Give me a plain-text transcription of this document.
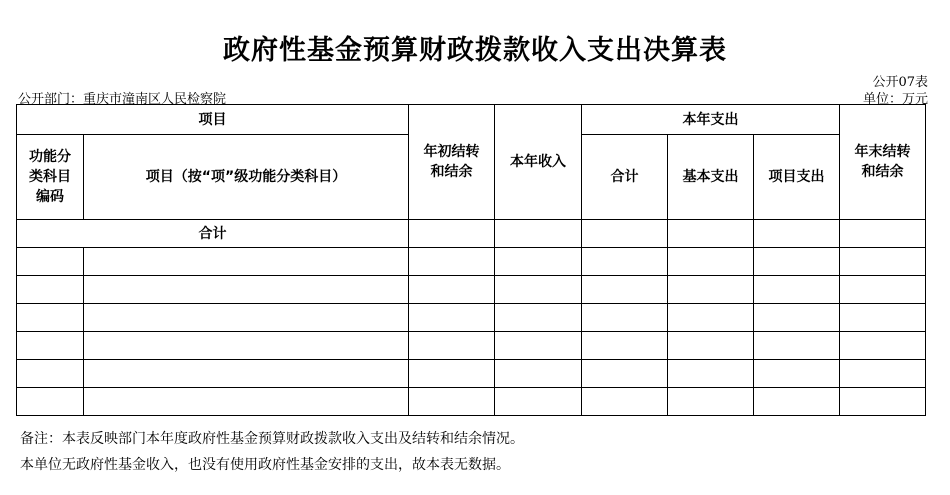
政府性基金预算财政拨款收入支出决算表
公开07表
公开部门：重庆市潼南区人民检察院	单位：万元
项目		年初结转和结余	本年收入	本年支出			年末结转和结余

功能分类科目编码	项目（按“项”级功能分类科目）			合计	基本支出	项目支出	
合计							

备注：本表反映部门本年度政府性基金预算财政拨款收入支出及结转和结余情况。
本单位无政府性基金收入，也没有使用政府性基金安排的支出，故本表无数据。
